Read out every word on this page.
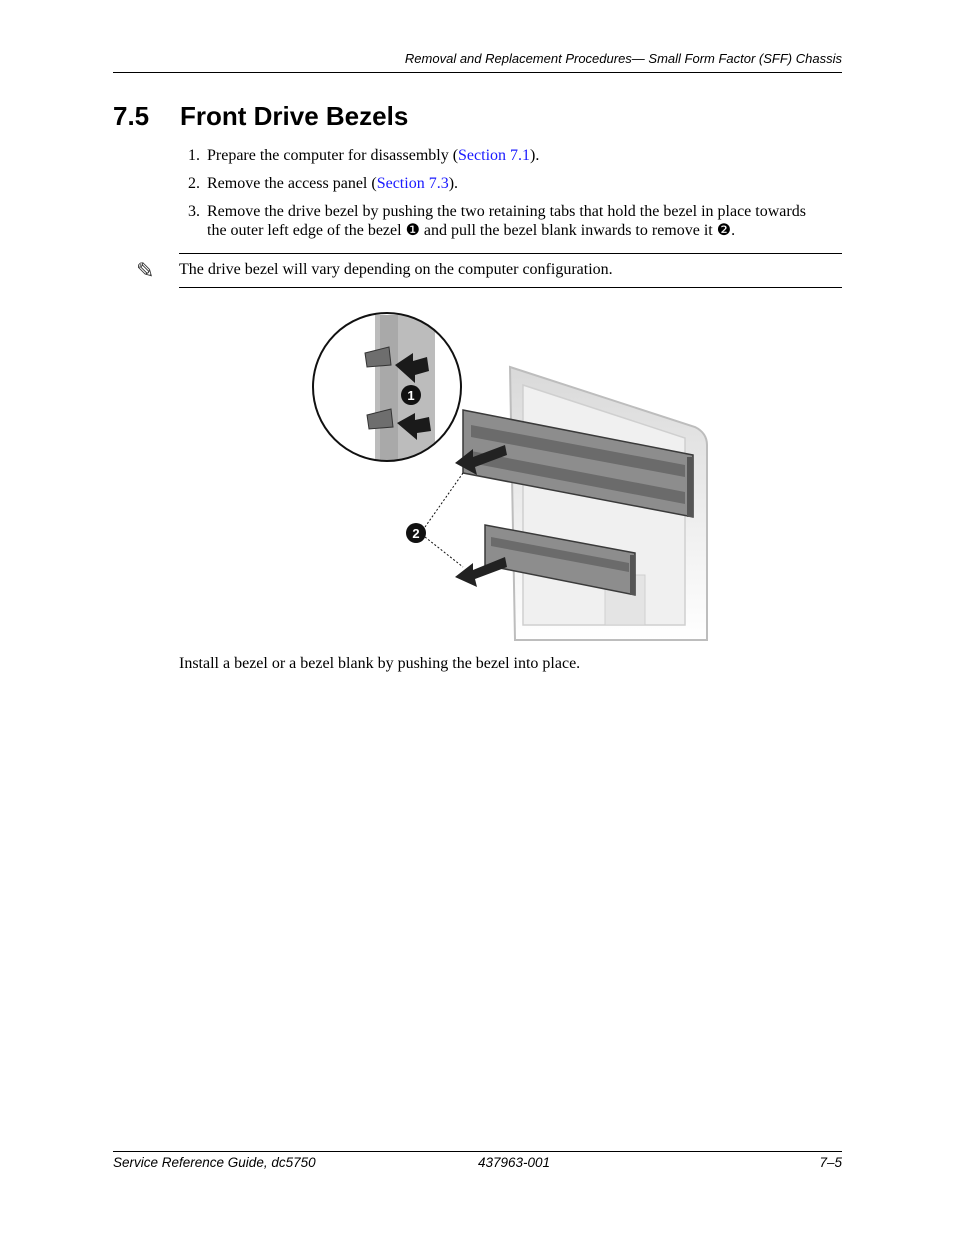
Removal and Replacement Procedures— Small Form Factor (SFF) Chassis
7.5 Front Drive Bezels
1. Prepare the computer for disassembly (Section 7.1).
2. Remove the access panel (Section 7.3).
3. Remove the drive bezel by pushing the two retaining tabs that hold the bezel in place towards
the outer left edge of the bezel ❶ and pull the bezel blank inwards to remove it ❷.
✎ The drive bezel will vary depending on the computer configuration.
2
1
Install a bezel or a bezel blank by pushing the bezel into place.
Service Reference Guide, dc5750	437963-001	7–5
